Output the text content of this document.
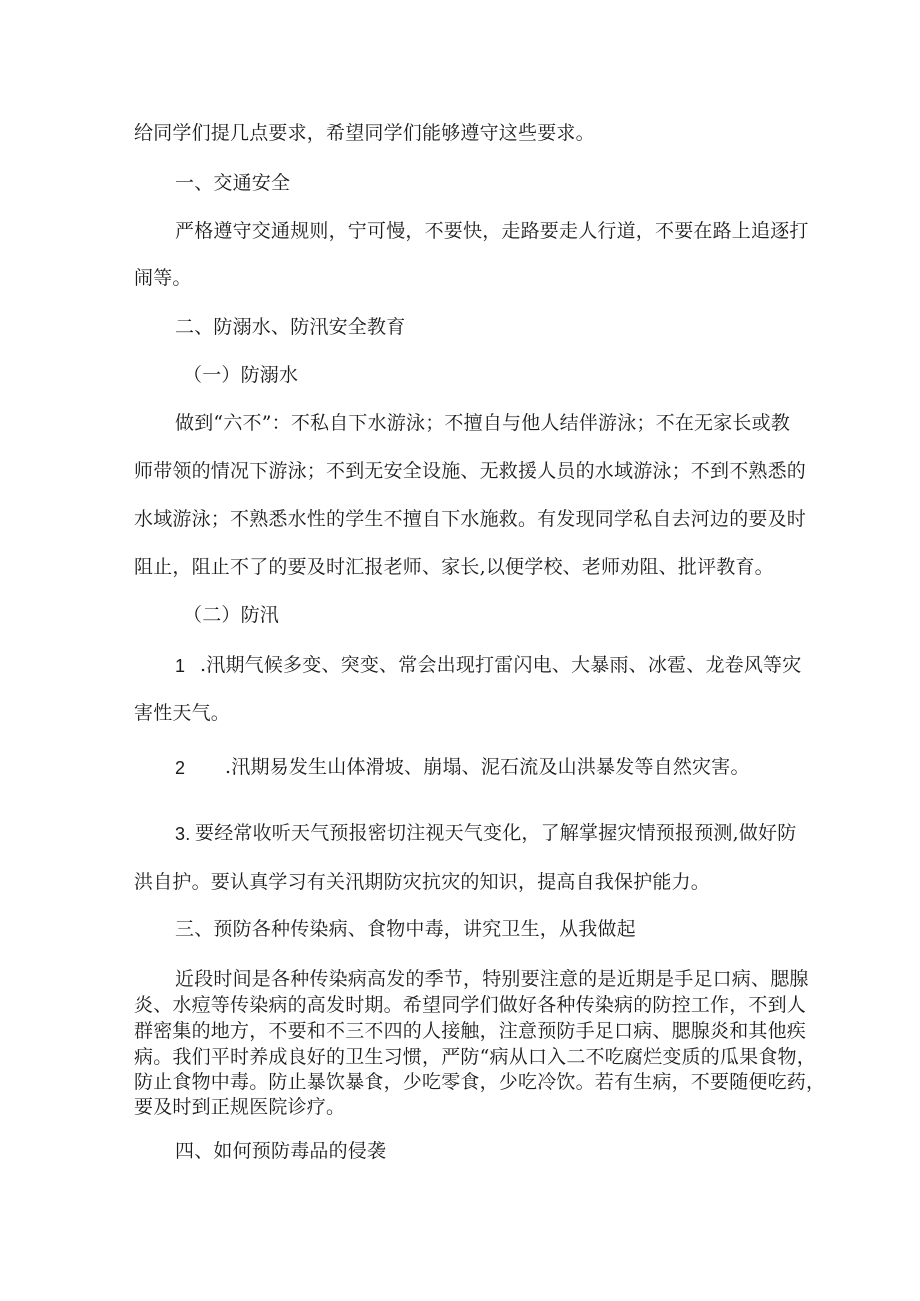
给同学们提几点要求，希望同学们能够遵守这些要求。
一、交通安全
严格遵守交通规则，宁可慢，不要快，走路要走人行道，不要在路上追逐打
闹等。
二、防溺水、防汛安全教育
（一）防溺水
做到“六不”：不私自下水游泳；不擅自与他人结伴游泳；不在无家长或教
师带领的情况下游泳；不到无安全设施、无救援人员的水域游泳；不到不熟悉的
水域游泳；不熟悉水性的学生不擅自下水施救。有发现同学私自去河边的要及时
阻止，阻止不了的要及时汇报老师、家长,以便学校、老师劝阻、批评教育。
（二）防汛
1 .汛期气候多变、突变、常会出现打雷闪电、大暴雨、冰雹、龙卷风等灾
害性天气。
2 .汛期易发生山体滑坡、崩塌、泥石流及山洪暴发等自然灾害。
3. 要经常收听天气预报密切注视天气变化，了解掌握灾情预报预测,做好防
洪自护。要认真学习有关汛期防灾抗灾的知识，提高自我保护能力。
三、预防各种传染病、食物中毒，讲究卫生，从我做起
近段时间是各种传染病高发的季节，特别要注意的是近期是手足口病、腮腺
炎、水痘等传染病的高发时期。希望同学们做好各种传染病的防控工作，不到人
群密集的地方，不要和不三不四的人接触，注意预防手足口病、腮腺炎和其他疾
病。我们平时养成良好的卫生习惯，严防“病从口入二不吃腐烂变质的瓜果食物，
防止食物中毒。防止暴饮暴食，少吃零食，少吃冷饮。若有生病，不要随便吃药，
要及时到正规医院诊疗。
四、如何预防毒品的侵袭
